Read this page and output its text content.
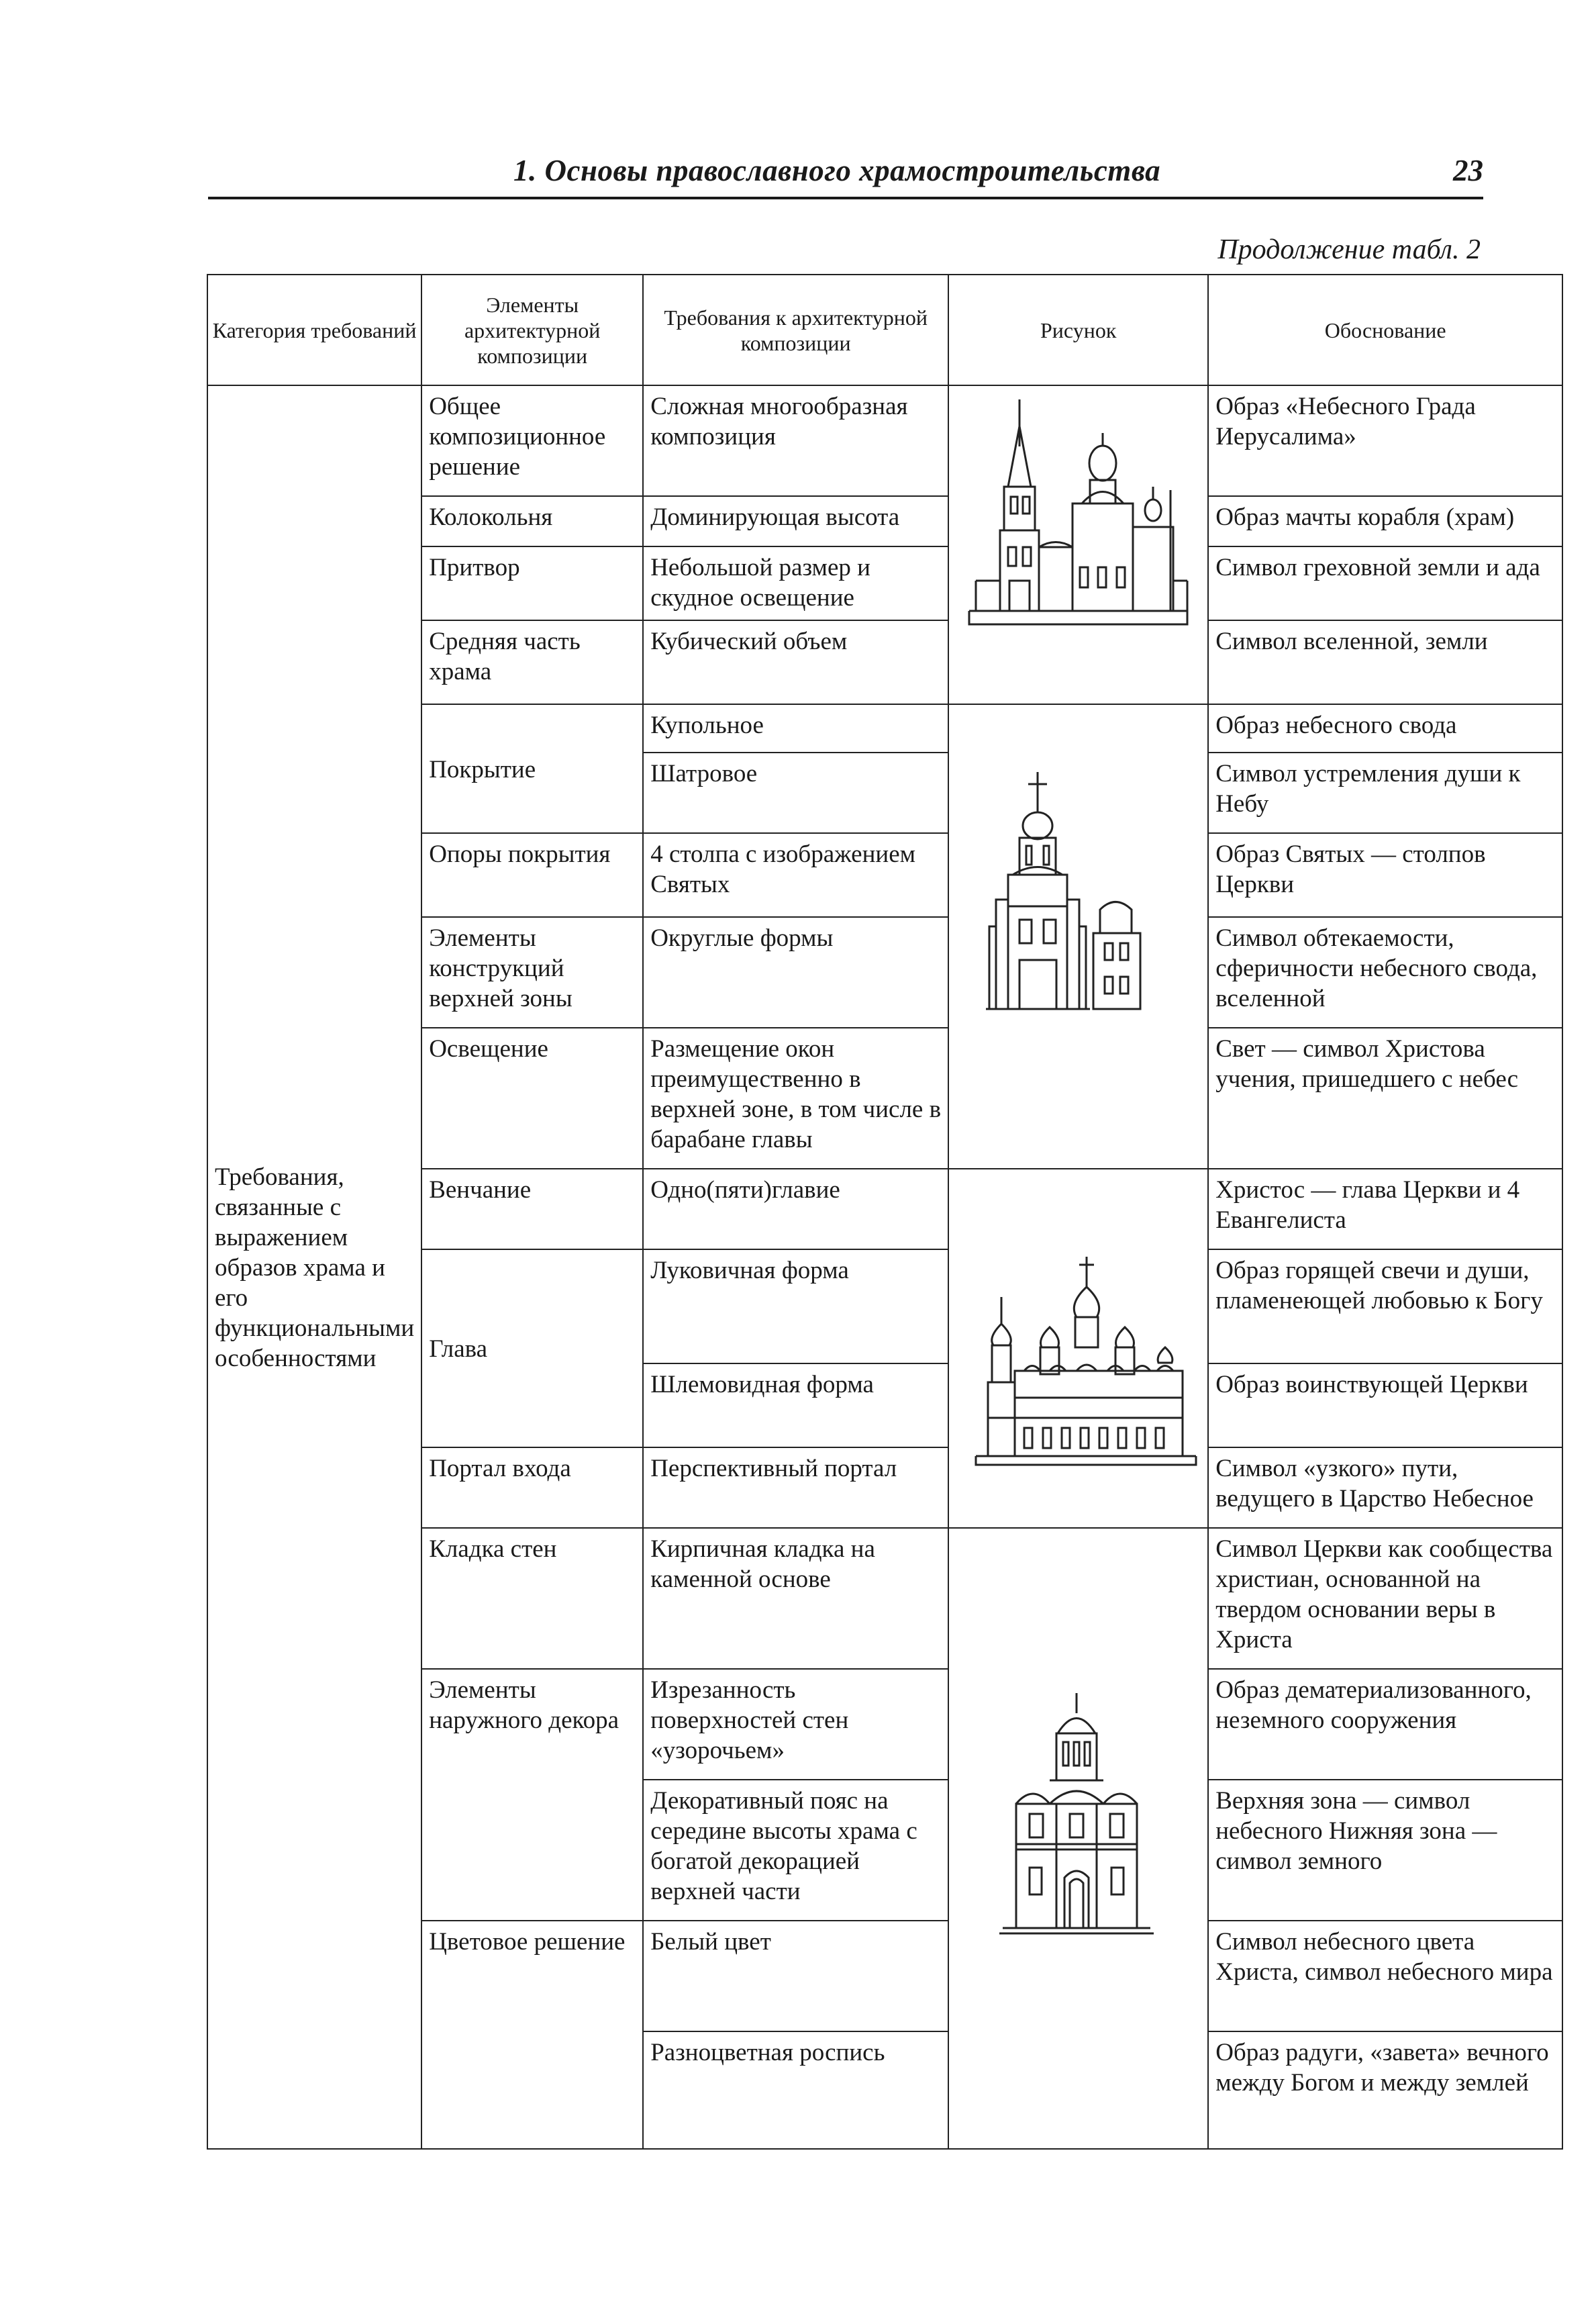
1. Основы православного храмостроительства	23
Продолжение табл. 2
Категория требований	Элементы архитектурной композиции	Требования к архитектурной композиции	Рисунок	Обоснование
Требования, связанные с выражением образов храма и его функциональными особенностями	Общее композиционное решение	Сложная многообразная композиция		Образ «Небесного Града Иерусалима»
	Колокольня	Доминирующая высота		Образ мачты корабля (храм)
	Притвор	Небольшой размер и скудное освещение		Символ греховной земли и ада
	Средняя часть храма	Кубический объем		Символ вселенной, земли
	Покрытие	Купольное		Образ небесного свода
		Шатровое		Символ устремления души к Небу
	Опоры покрытия	4 столпа с изображением Святых		Образ Святых — столпов Церкви
	Элементы конструкций верхней зоны	Округлые формы		Символ обтекаемости, сферичности небесного свода, вселенной
	Освещение	Размещение окон преимущественно в верхней зоне, в том числе в барабане главы		Свет — символ Христова учения, пришедшего с небес
	Венчание	Одно(пяти)главие		Христос — глава Церкви и 4 Евангелиста
	Глава	Луковичная форма		Образ горящей свечи и души, пламенеющей любовью к Богу
		Шлемовидная форма		Образ воинствующей Церкви
	Портал входа	Перспективный портал		Символ «узкого» пути, ведущего в Царство Небесное
	Кладка стен	Кирпичная кладка на каменной основе		Символ Церкви как сообщества христиан, основанной на твердом основании веры в Христа
	Элементы наружного декора	Изрезанность поверхностей стен «узорочьем»		Образ дематериализованного, неземного сооружения
		Декоративный пояс на середине высоты храма с богатой декорацией верхней части		Верхняя зона — символ небесного Нижняя зона — символ земного
	Цветовое решение	Белый цвет		Символ небесного цвета Христа, символ небесного мира
		Разноцветная роспись		Образ радуги, «завета» вечного между Богом и между землей
